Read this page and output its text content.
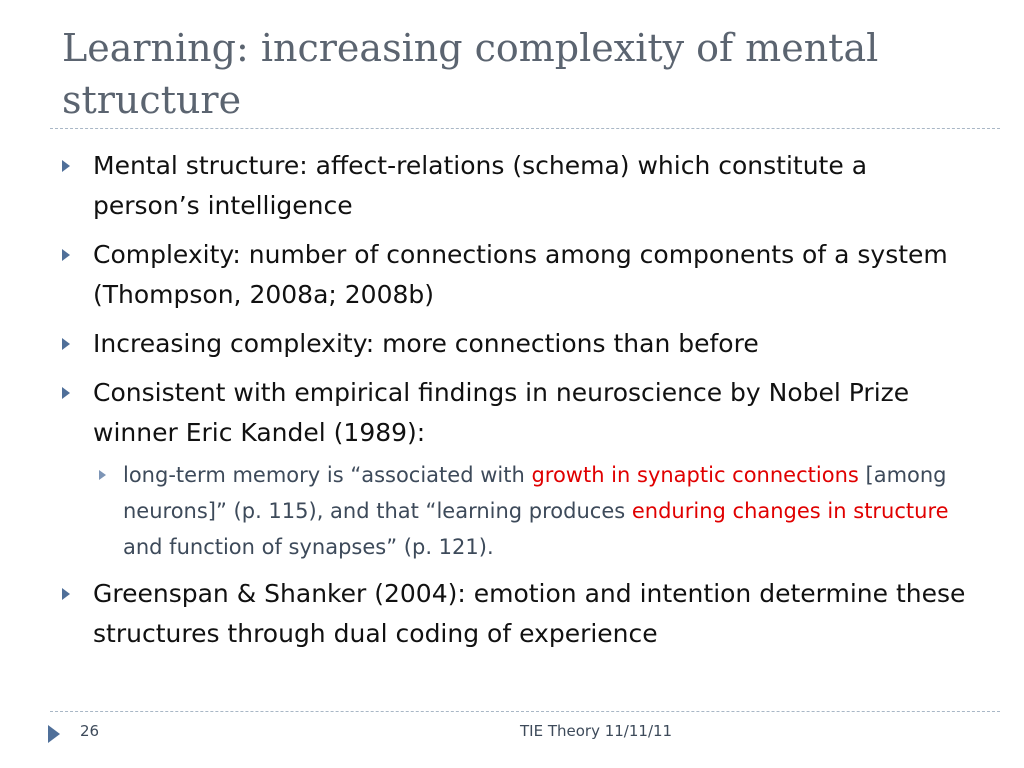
Learning: increasing complexity of mental structure
Mental structure: affect-relations (schema) which constitute a person’s intelligence
Complexity: number of connections among components of a system (Thompson, 2008a; 2008b)
Increasing complexity: more connections than before
Consistent with empirical findings in neuroscience by Nobel Prize winner Eric Kandel (1989):
long-term memory is “associated with growth in synaptic connections [among neurons]” (p. 115), and that “learning produces enduring changes in structure and function of synapses” (p. 121).
Greenspan & Shanker (2004): emotion and intention determine these structures through dual coding of experience
26	TIE Theory 11/11/11
